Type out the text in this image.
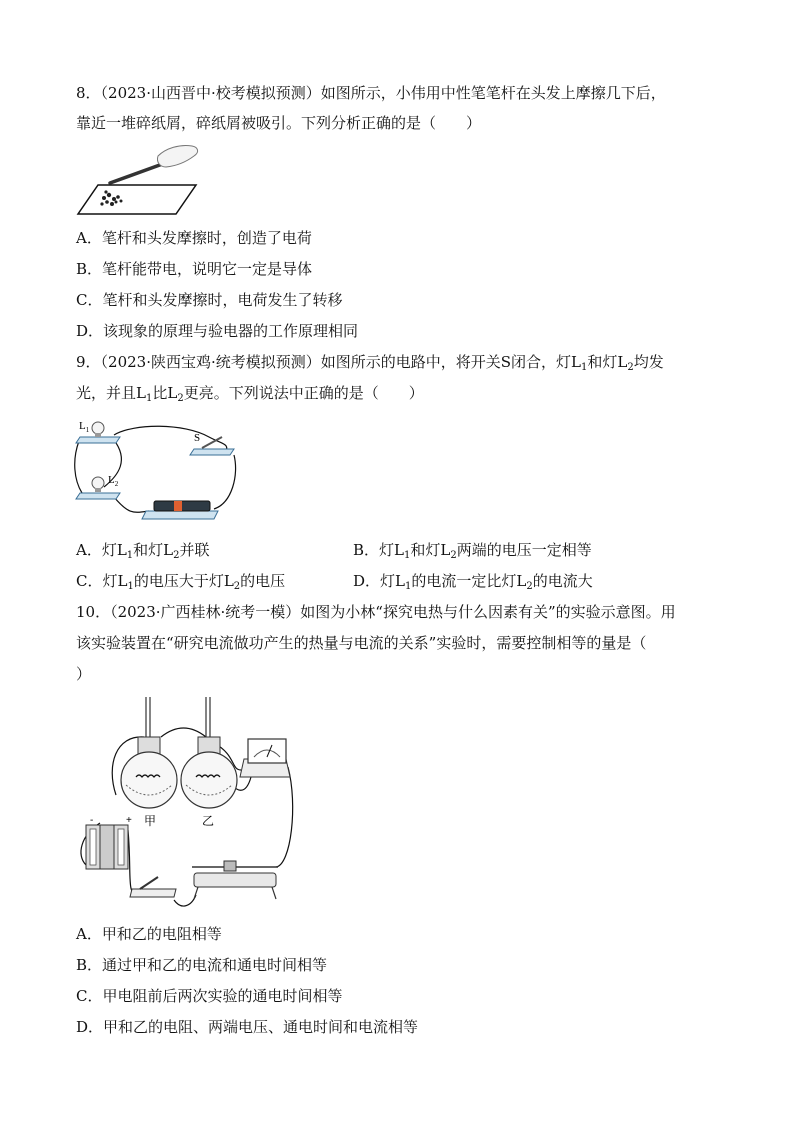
8．（2023·山西晋中·校考模拟预测）如图所示，小伟用中性笔笔杆在头发上摩擦几下后，
靠近一堆碎纸屑，碎纸屑被吸引。下列分析正确的是（　　）
A．笔杆和头发摩擦时，创造了电荷
B．笔杆能带电，说明它一定是导体
C．笔杆和头发摩擦时，电荷发生了转移
D．该现象的原理与验电器的工作原理相同
9．（2023·陕西宝鸡·统考模拟预测）如图所示的电路中，将开关S闭合，灯$L_1$和灯$L_2$均发
光，并且$L_1$比$L_2$更亮。下列说法中正确的是（　　）
$L_1$
S
$L_2$
A．灯$L_1$和灯$L_2$并联	B．灯$L_1$和灯$L_2$两端的电压一定相等
C．灯$L_1$的电压大于灯$L_2$的电压	D．灯$L_1$的电流一定比灯$L_2$的电流大
10．（2023·广西桂林·统考一模）如图为小林“探究电热与什么因素有关”的实验示意图。用
该实验装置在“研究电流做功产生的热量与电流的关系”实验时，需要控制相等的量是（
）
甲	乙
-	+
A．甲和乙的电阻相等
B．通过甲和乙的电流和通电时间相等
C．甲电阻前后两次实验的通电时间相等
D．甲和乙的电阻、两端电压、通电时间和电流相等
